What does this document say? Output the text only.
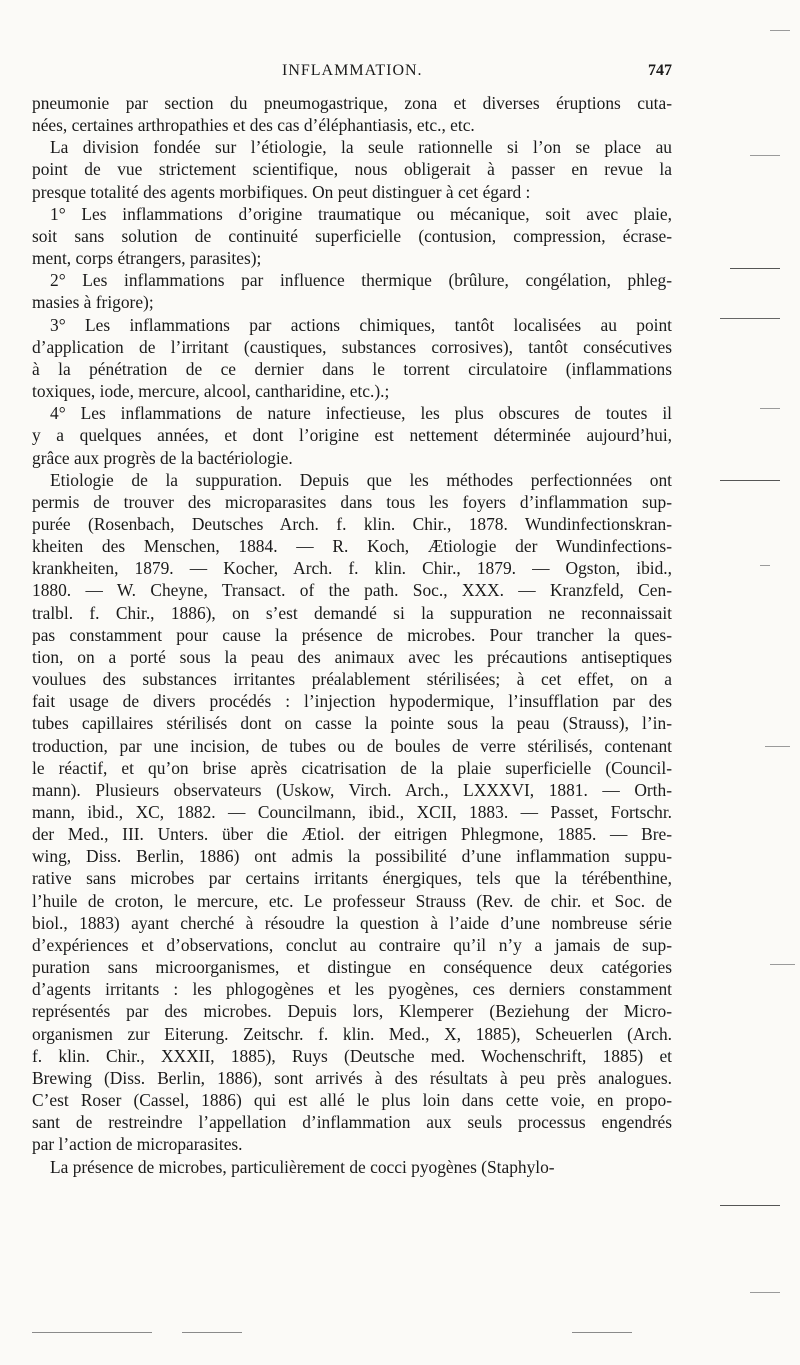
INFLAMMATION.	747
pneumonie par section du pneumogastrique, zona et diverses éruptions cuta-
nées, certaines arthropathies et des cas d’éléphantiasis, etc., etc.
La division fondée sur l’étiologie, la seule rationnelle si l’on se place au
point de vue strictement scientifique, nous obligerait à passer en revue la
presque totalité des agents morbifiques. On peut distinguer à cet égard :
1° Les inflammations d’origine traumatique ou mécanique, soit avec plaie,
soit sans solution de continuité superficielle (contusion, compression, écrase-
ment, corps étrangers, parasites);
2° Les inflammations par influence thermique (brûlure, congélation, phleg-
masies à frigore);
3° Les inflammations par actions chimiques, tantôt localisées au point
d’application de l’irritant (caustiques, substances corrosives), tantôt consécutives
à la pénétration de ce dernier dans le torrent circulatoire (inflammations
toxiques, iode, mercure, alcool, cantharidine, etc.).;
4° Les inflammations de nature infectieuse, les plus obscures de toutes il
y a quelques années, et dont l’origine est nettement déterminée aujourd’hui,
grâce aux progrès de la bactériologie.
Etiologie de la suppuration. Depuis que les méthodes perfectionnées ont
permis de trouver des microparasites dans tous les foyers d’inflammation sup-
purée (Rosenbach, Deutsches Arch. f. klin. Chir., 1878. Wundinfectionskran-
kheiten des Menschen, 1884. — R. Koch, Ætiologie der Wundinfections-
krankheiten, 1879. — Kocher, Arch. f. klin. Chir., 1879. — Ogston, ibid.,
1880. — W. Cheyne, Transact. of the path. Soc., XXX. — Kranzfeld, Cen-
tralbl. f. Chir., 1886), on s’est demandé si la suppuration ne reconnaissait
pas constamment pour cause la présence de microbes. Pour trancher la ques-
tion, on a porté sous la peau des animaux avec les précautions antiseptiques
voulues des substances irritantes préalablement stérilisées; à cet effet, on a
fait usage de divers procédés : l’injection hypodermique, l’insufflation par des
tubes capillaires stérilisés dont on casse la pointe sous la peau (Strauss), l’in-
troduction, par une incision, de tubes ou de boules de verre stérilisés, contenant
le réactif, et qu’on brise après cicatrisation de la plaie superficielle (Council-
mann). Plusieurs observateurs (Uskow, Virch. Arch., LXXXVI, 1881. — Orth-
mann, ibid., XC, 1882. — Councilmann, ibid., XCII, 1883. — Passet, Fortschr.
der Med., III. Unters. über die Ætiol. der eitrigen Phlegmone, 1885. — Bre-
wing, Diss. Berlin, 1886) ont admis la possibilité d’une inflammation suppu-
rative sans microbes par certains irritants énergiques, tels que la térébenthine,
l’huile de croton, le mercure, etc. Le professeur Strauss (Rev. de chir. et Soc. de
biol., 1883) ayant cherché à résoudre la question à l’aide d’une nombreuse série
d’expériences et d’observations, conclut au contraire qu’il n’y a jamais de sup-
puration sans microorganismes, et distingue en conséquence deux catégories
d’agents irritants : les phlogogènes et les pyogènes, ces derniers constamment
représentés par des microbes. Depuis lors, Klemperer (Beziehung der Micro-
organismen zur Eiterung. Zeitschr. f. klin. Med., X, 1885), Scheuerlen (Arch.
f. klin. Chir., XXXII, 1885), Ruys (Deutsche med. Wochenschrift, 1885) et
Brewing (Diss. Berlin, 1886), sont arrivés à des résultats à peu près analogues.
C’est Roser (Cassel, 1886) qui est allé le plus loin dans cette voie, en propo-
sant de restreindre l’appellation d’inflammation aux seuls processus engendrés
par l’action de microparasites.
La présence de microbes, particulièrement de cocci pyogènes (Staphylo-
